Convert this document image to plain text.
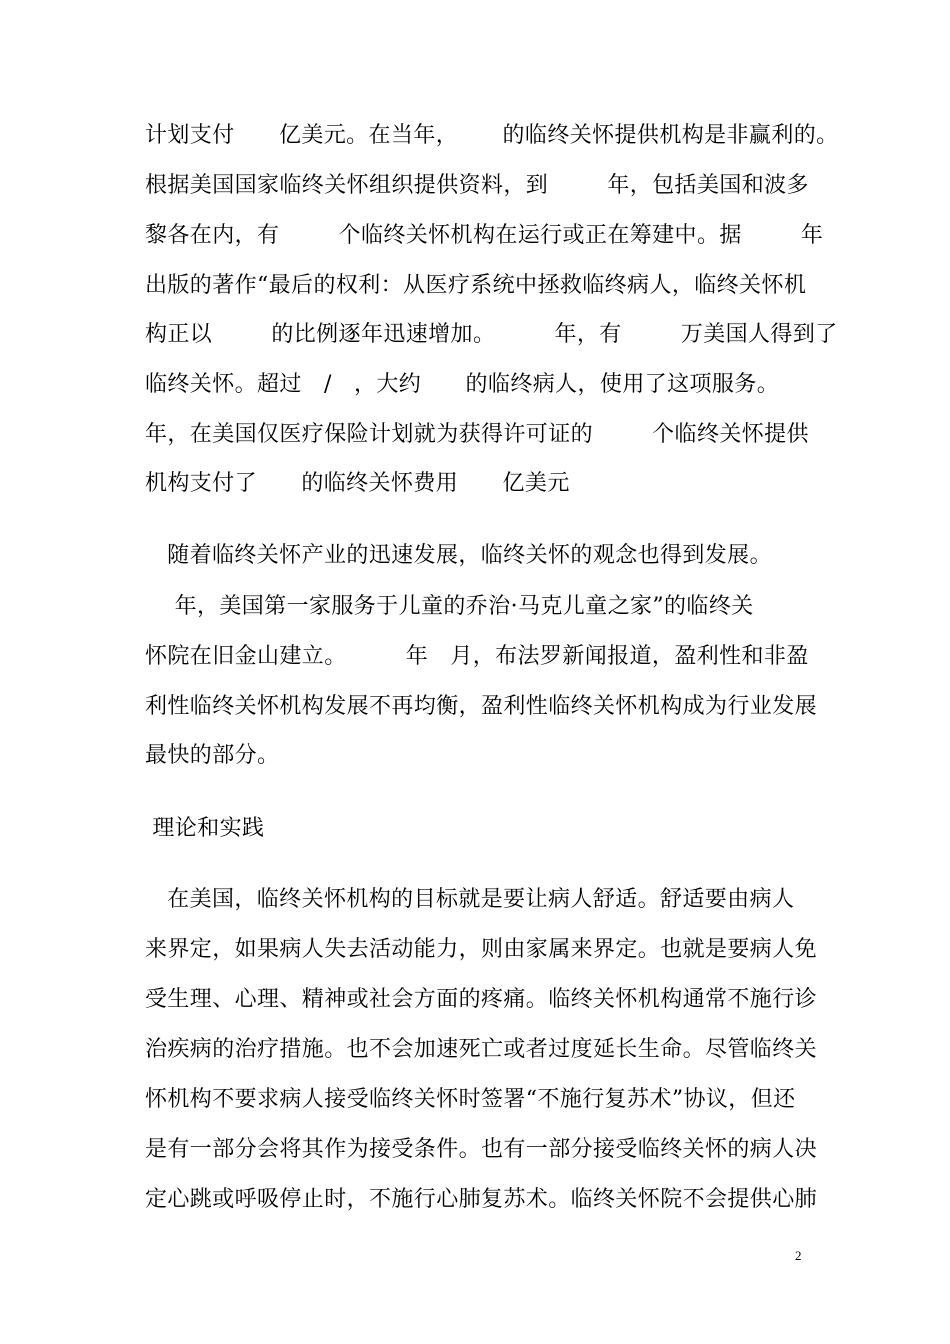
计划支付      亿美元。在当年，      的临终关怀提供机构是非赢利的。
根据美国国家临终关怀组织提供资料，到        年，包括美国和波多
黎各在内，有        个临终关怀机构在运行或正在筹建中。据        年
出版的著作“最后的权利：从医疗系统中拯救临终病人，临终关怀机
构正以        的比例逐年迅速增加。        年，有        万美国人得到了
临终关怀。超过   /   ，大约      的临终病人，使用了这项服务。
年，在美国仅医疗保险计划就为获得许可证的        个临终关怀提供
机构支付了      的临终关怀费用      亿美元
随着临终关怀产业的迅速发展，临终关怀的观念也得到发展。
年，美国第一家服务于儿童的乔治·马克儿童之家”的临终关
怀院在旧金山建立。        年   月，布法罗新闻报道，盈利性和非盈
利性临终关怀机构发展不再均衡，盈利性临终关怀机构成为行业发展
最快的部分。
理论和实践
在美国，临终关怀机构的目标就是要让病人舒适。舒适要由病人
来界定，如果病人失去活动能力，则由家属来界定。也就是要病人免
受生理、心理、精神或社会方面的疼痛。临终关怀机构通常不施行诊
治疾病的治疗措施。也不会加速死亡或者过度延长生命。尽管临终关
怀机构不要求病人接受临终关怀时签署“不施行复苏术”协议，但还
是有一部分会将其作为接受条件。也有一部分接受临终关怀的病人决
定心跳或呼吸停止时，不施行心肺复苏术。临终关怀院不会提供心肺
2
